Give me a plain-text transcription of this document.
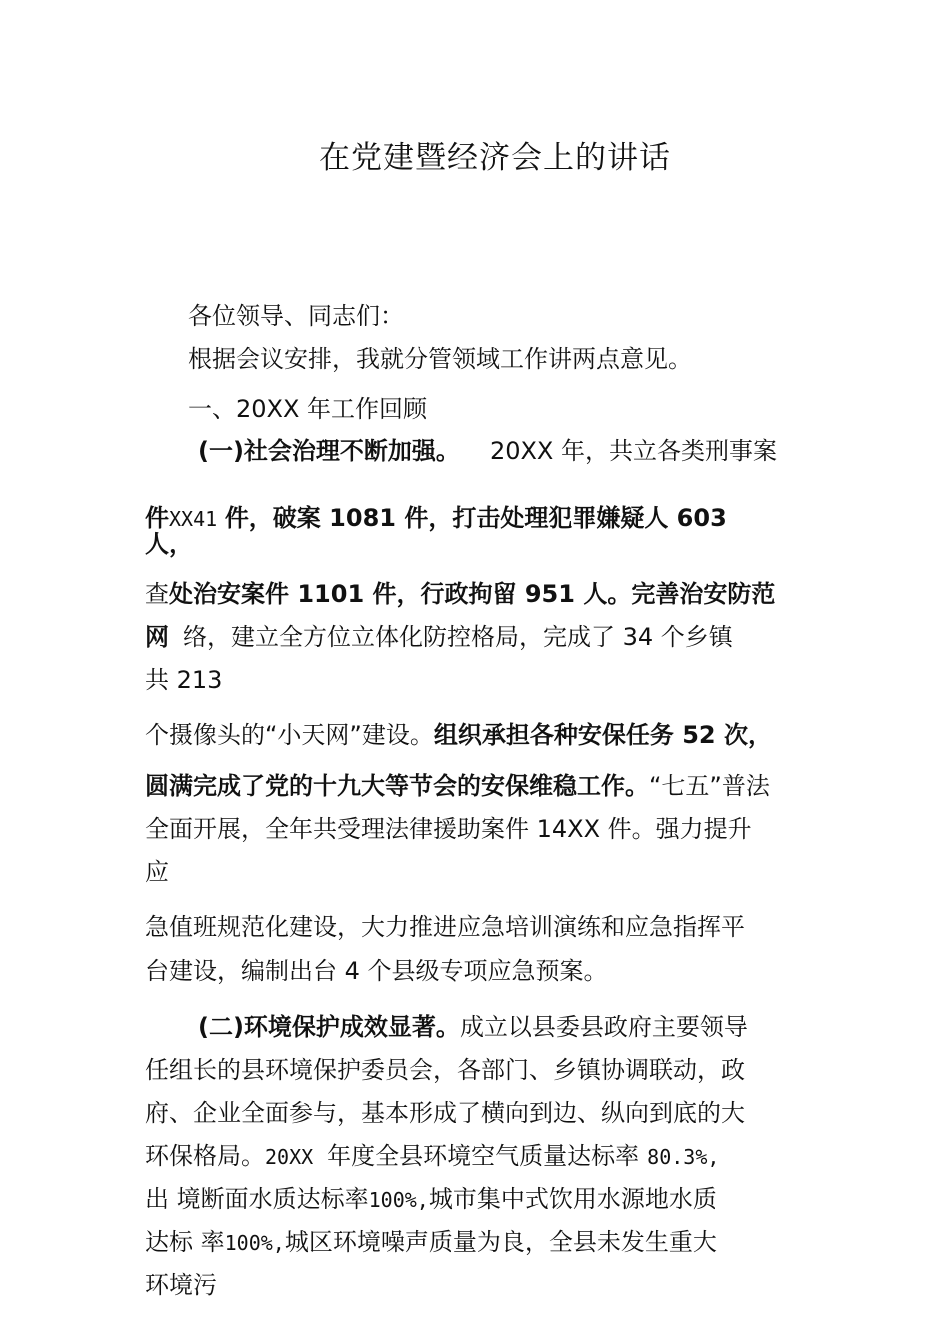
在党建暨经济会上的讲话
各位领导、同志们：
根据会议安排，我就分管领域工作讲两点意见。
一、20XX 年工作回顾
(一)社会治理不断加强。 20XX 年，共立各类刑事案
件XX41 件，破案 1081 件，打击处理犯罪嫌疑人 603
人，
查处治安案件 1101 件，行政拘留 951 人。完善治安防范
网 络，建立全方位立体化防控格局，完成了 34 个乡镇
共 213
个摄像头的“小天网”建设。组织承担各种安保任务 52 次，
圆满完成了党的十九大等节会的安保维稳工作。“七五”普法
全面开展，全年共受理法律援助案件 14XX 件。强力提升
应
急值班规范化建设，大力推进应急培训演练和应急指挥平
台建设，编制出台 4 个县级专项应急预案。
(二)环境保护成效显著。成立以县委县政府主要领导
任组长的县环境保护委员会，各部门、乡镇协调联动，政
府、企业全面参与，基本形成了横向到边、纵向到底的大
环保格局。20XX 年度全县环境空气质量达标率 80.3%,
出 境断面水质达标率100%,城市集中式饮用水源地水质
达标 率100%,城区环境噪声质量为良，全县未发生重大
环境污
